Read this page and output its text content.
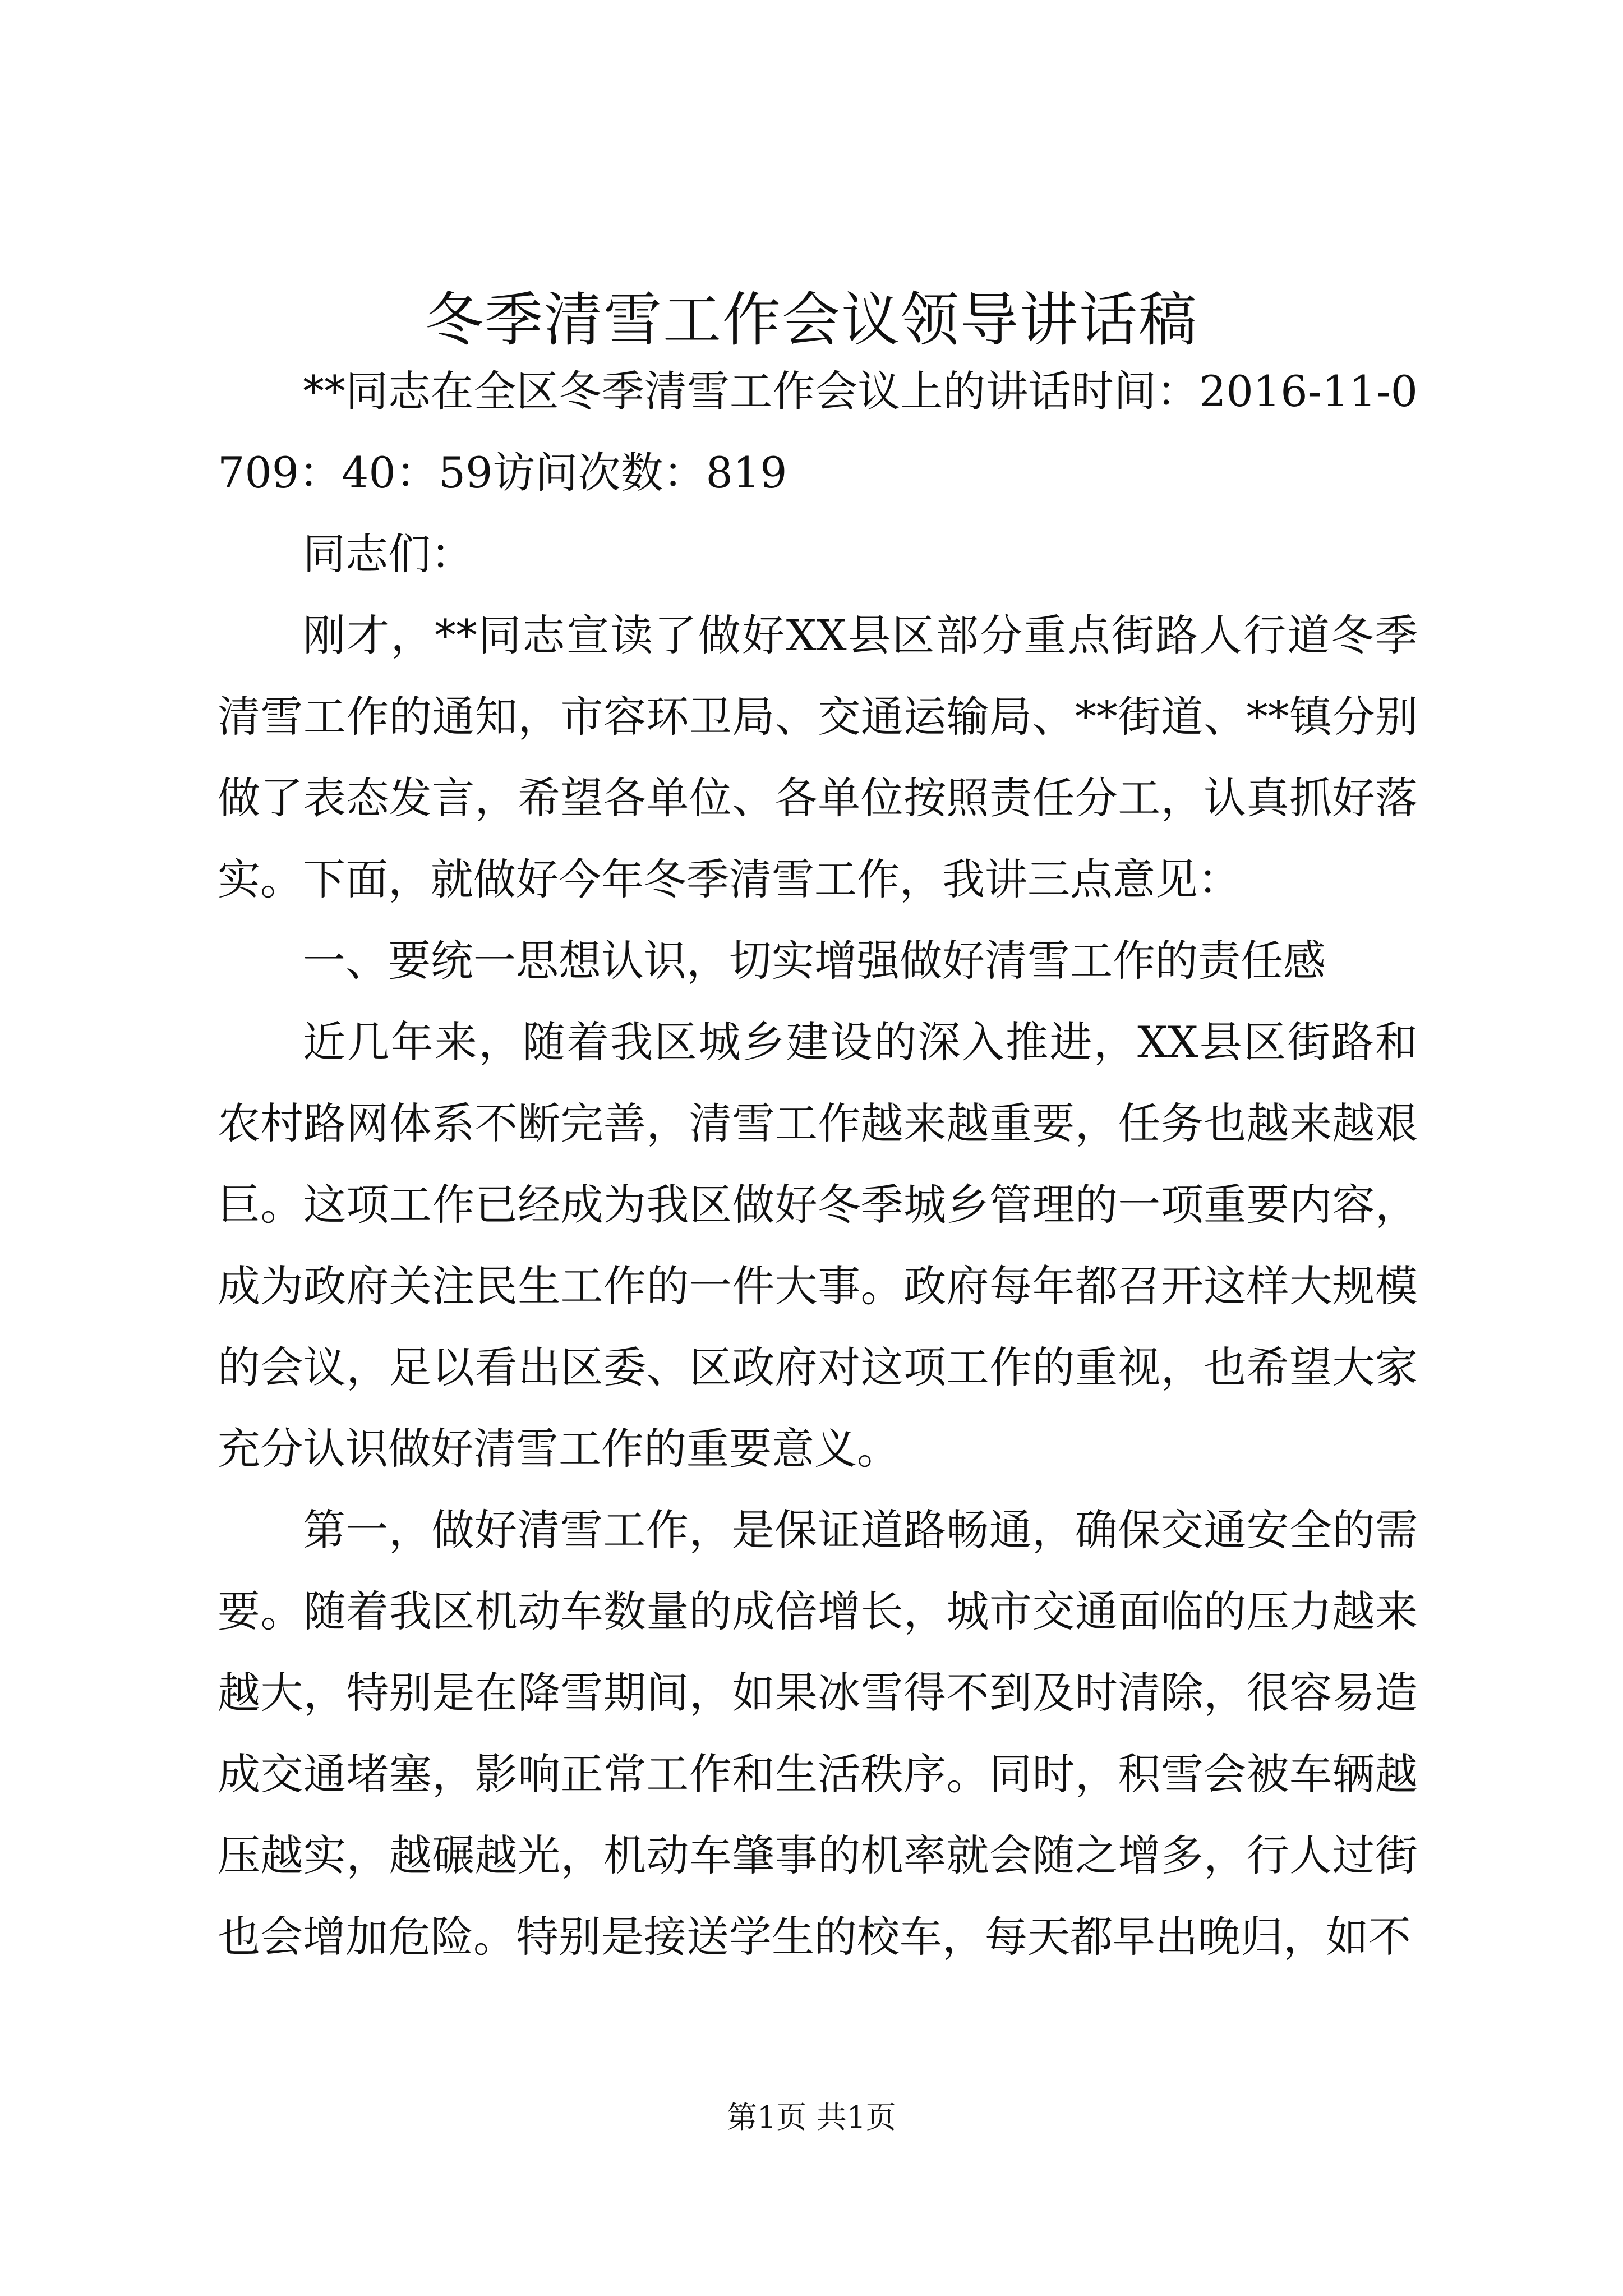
冬季清雪工作会议领导讲话稿

**同志在全区冬季清雪工作会议上的讲话时间：2016-11-0709：40：59访问次数：819

同志们：

刚才，**同志宣读了做好XX县区部分重点街路人行道冬季清雪工作的通知，市容环卫局、交通运输局、**街道、**镇分别做了表态发言，希望各单位、各单位按照责任分工，认真抓好落实。下面，就做好今年冬季清雪工作，我讲三点意见：

一、要统一思想认识，切实增强做好清雪工作的责任感

近几年来，随着我区城乡建设的深入推进，XX县区街路和农村路网体系不断完善，清雪工作越来越重要，任务也越来越艰巨。这项工作已经成为我区做好冬季城乡管理的一项重要内容，成为政府关注民生工作的一件大事。政府每年都召开这样大规模的会议，足以看出区委、区政府对这项工作的重视，也希望大家充分认识做好清雪工作的重要意义。

第一，做好清雪工作，是保证道路畅通，确保交通安全的需要。随着我区机动车数量的成倍增长，城市交通面临的压力越来越大，特别是在降雪期间，如果冰雪得不到及时清除，很容易造成交通堵塞，影响正常工作和生活秩序。同时，积雪会被车辆越压越实，越碾越光，机动车肇事的机率就会随之增多，行人过街也会增加危险。特别是接送学生的校车，每天都早出晚归，如不

第1页 共1页
